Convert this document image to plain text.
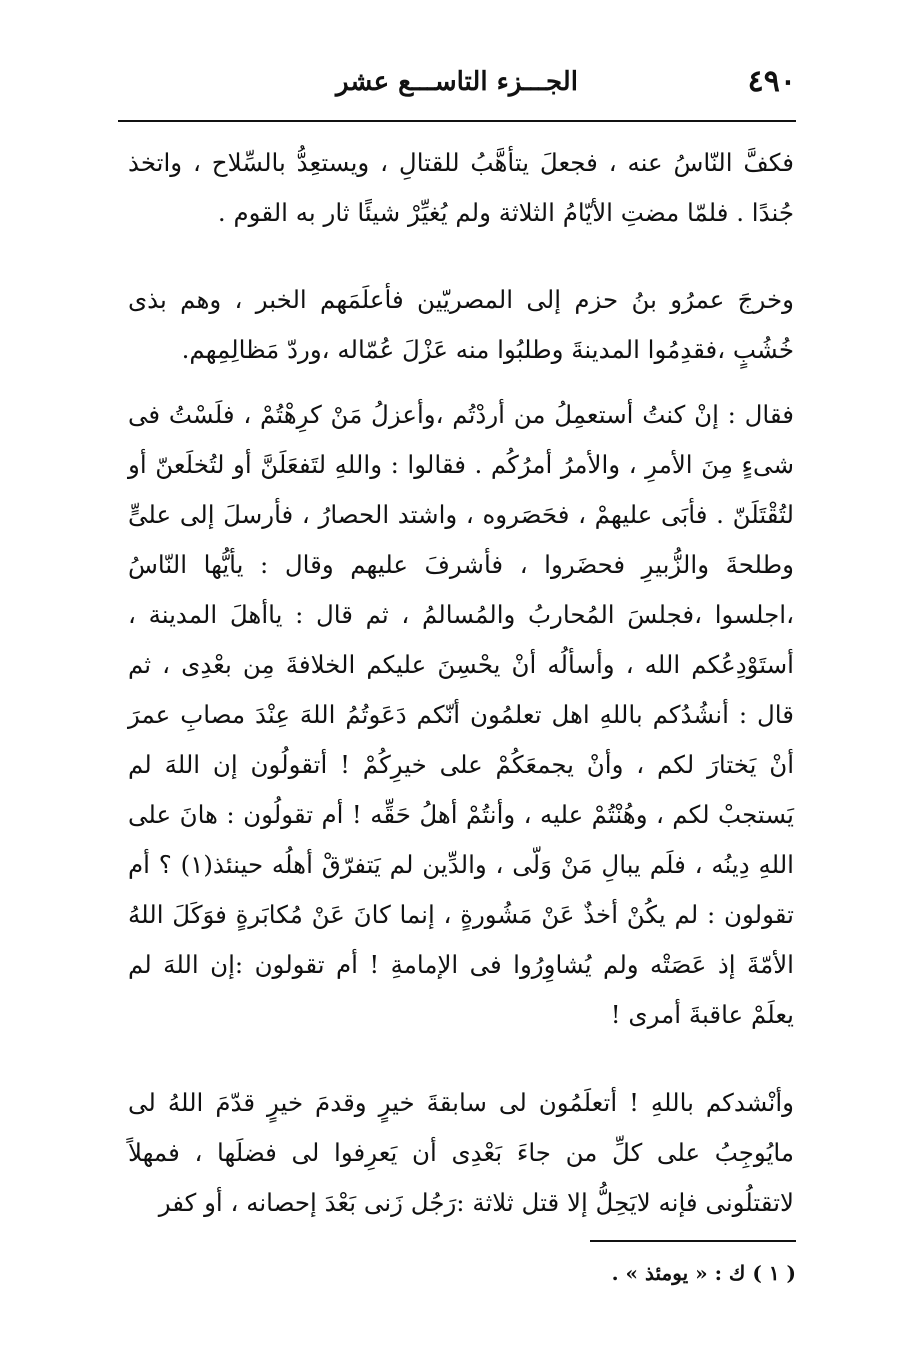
٤٩٠
الجـــزء التاســـع عشر

فكفَّ النّاسُ عنه ، فجعلَ يتأهَّبُ للقتالِ ، ويستعِدُّ بالسِّلاح ، واتخذ جُندًا . فلمّا مضتِ الأيّامُ الثلاثة ولم يُغيِّرْ شيئًا ثار به القوم .

وخرجَ عمرُو بنُ حزم إلى المصريّين فأعلَمَهم الخبر ، وهم بذى خُشُبٍ ،فقدِمُوا المدينةَ وطلبُوا منه عَزْلَ عُمّاله ،وردّ مَظالِمِهم.

فقال : إنْ كنتُ أستعمِلُ من أردْتُم ،وأعزلُ مَنْ كرِهْتُمْ ، فلَسْتُ فى شىءٍ مِنَ الأمرِ ، والأمرُ أمرُكُم . فقالوا : واللهِ لتَفعَلَنَّ أو لتُخلَعنّ أو لتُقْتَلَنّ . فأبَى عليهمْ ، فحَصَروه ، واشتد الحصارُ ، فأرسلَ إلى علىٍّ وطلحةَ والزُّبيرِ فحضَروا ، فأشرفَ عليهم وقال : يأيُّها النّاسُ ،اجلسوا ،فجلسَ المُحاربُ والمُسالمُ ، ثم قال : ياأهلَ المدينة ، أستَوْدِعُكم الله ، وأسألُه أنْ يحْسِنَ عليكم الخلافةَ مِن بعْدِى ، ثم قال : أنشُدُكم باللهِ اهل تعلمُون أنّكم دَعَوتُمُ اللهَ عِنْدَ مصابِ عمرَ أنْ يَختارَ لكم ، وأنْ يجمعَكُمْ على خيرِكُمْ ! أتقولُون إن اللهَ لم يَستجبْ لكم ، وهُنْتُمْ عليه ، وأنتُمْ أهلُ حَقِّه ! أم تقولُون : هانَ على اللهِ دِينُه ، فلَم يبالِ مَنْ وَلّى ، والدِّين لم يَتفرّقْ أهلُه حينئذ(١) ؟ أم تقولون : لم يكُنْ أخذٌ عَنْ مَشُورةٍ ، إنما كانَ عَنْ مُكابَرةٍ فوَكَلَ اللهُ الأمّةَ إذ عَصَتْه ولم يُشاوِرُوا فى الإمامةِ ! أم تقولون :إن اللهَ لم يعلَمْ عاقبةَ أمرى !

وأنْشدكم باللهِ ! أتعلَمُون لى سابقةَ خيرٍ وقدمَ خيرٍ قدّمَ اللهُ لى مايُوجِبُ على كلِّ من جاءَ بَعْدِى أن يَعرِفوا لى فضلَها ، فمهلاً لاتقتلُونى فإنه لايَحِلُّ إلا قتل ثلاثة :رَجُل زَنى بَعْدَ إحصانه ، أو كفر

( ١ ) ك : « يومئذ » .
